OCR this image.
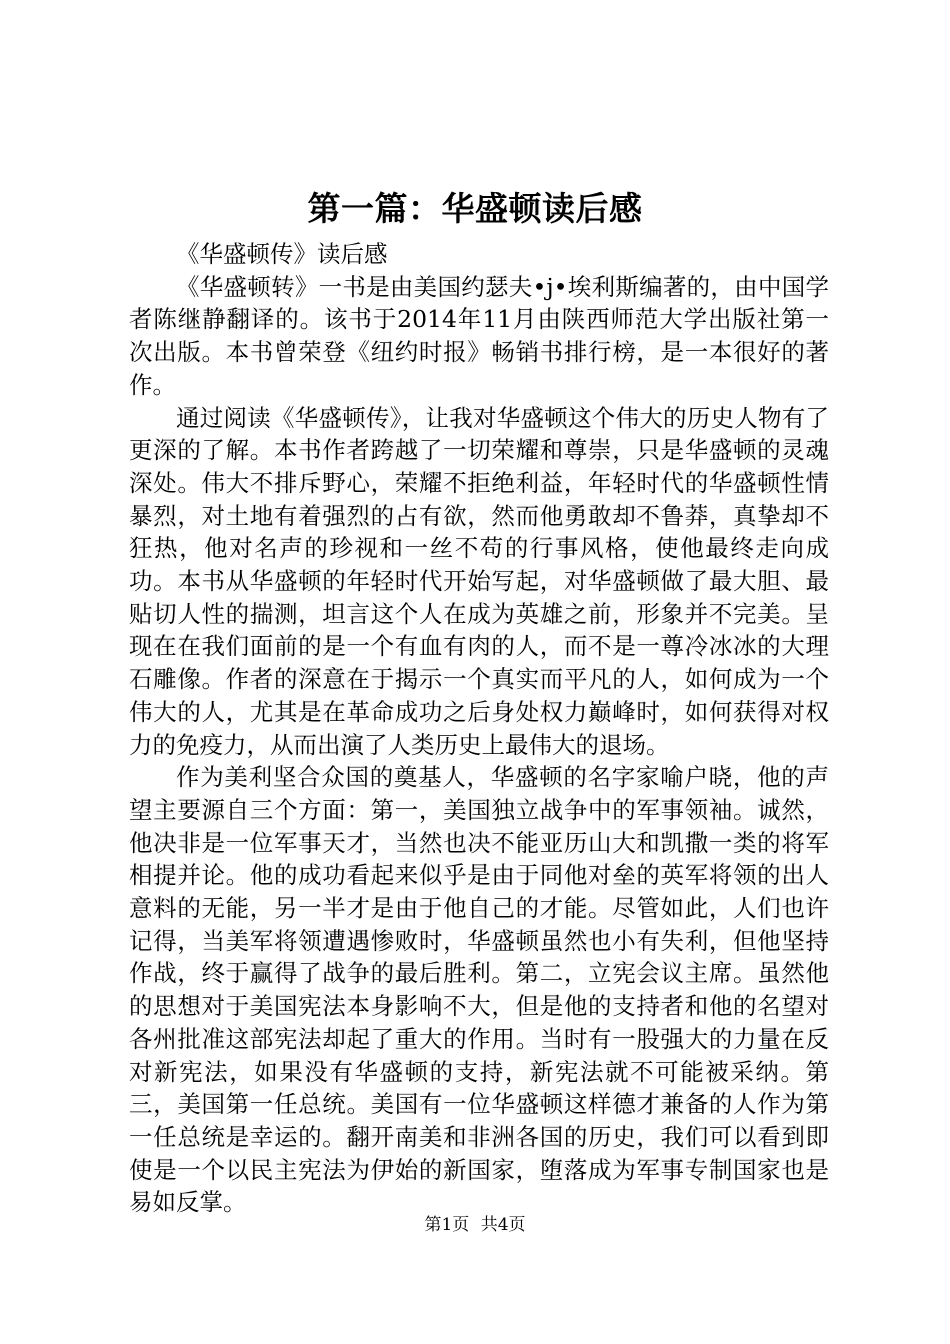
第一篇：华盛顿读后感

《华盛顿传》读后感

《华盛顿转》一书是由美国约瑟夫•j•埃利斯编著的，由中国学者陈继静翻译的。该书于2014年11月由陕西师范大学出版社第一次出版。本书曾荣登《纽约时报》畅销书排行榜，是一本很好的著作。

通过阅读《华盛顿传》，让我对华盛顿这个伟大的历史人物有了更深的了解。本书作者跨越了一切荣耀和尊崇，只是华盛顿的灵魂深处。伟大不排斥野心，荣耀不拒绝利益，年轻时代的华盛顿性情暴烈，对土地有着强烈的占有欲，然而他勇敢却不鲁莽，真挚却不狂热，他对名声的珍视和一丝不苟的行事风格，使他最终走向成功。本书从华盛顿的年轻时代开始写起，对华盛顿做了最大胆、最贴切人性的揣测，坦言这个人在成为英雄之前，形象并不完美。呈现在在我们面前的是一个有血有肉的人，而不是一尊冷冰冰的大理石雕像。作者的深意在于揭示一个真实而平凡的人，如何成为一个伟大的人，尤其是在革命成功之后身处权力巅峰时，如何获得对权力的免疫力，从而出演了人类历史上最伟大的退场。

作为美利坚合众国的奠基人，华盛顿的名字家喻户晓，他的声望主要源自三个方面：第一，美国独立战争中的军事领袖。诚然，他决非是一位军事天才，当然也决不能亚历山大和凯撒一类的将军相提并论。他的成功看起来似乎是由于同他对垒的英军将领的出人意料的无能，另一半才是由于他自己的才能。尽管如此，人们也许记得，当美军将领遭遇惨败时，华盛顿虽然也小有失利，但他坚持作战，终于赢得了战争的最后胜利。第二，立宪会议主席。虽然他的思想对于美国宪法本身影响不大，但是他的支持者和他的名望对各州批准这部宪法却起了重大的作用。当时有一股强大的力量在反对新宪法，如果没有华盛顿的支持，新宪法就不可能被采纳。第三，美国第一任总统。美国有一位华盛顿这样德才兼备的人作为第一任总统是幸运的。翻开南美和非洲各国的历史，我们可以看到即使是一个以民主宪法为伊始的新国家，堕落成为军事专制国家也是易如反掌。

第1页 共4页
